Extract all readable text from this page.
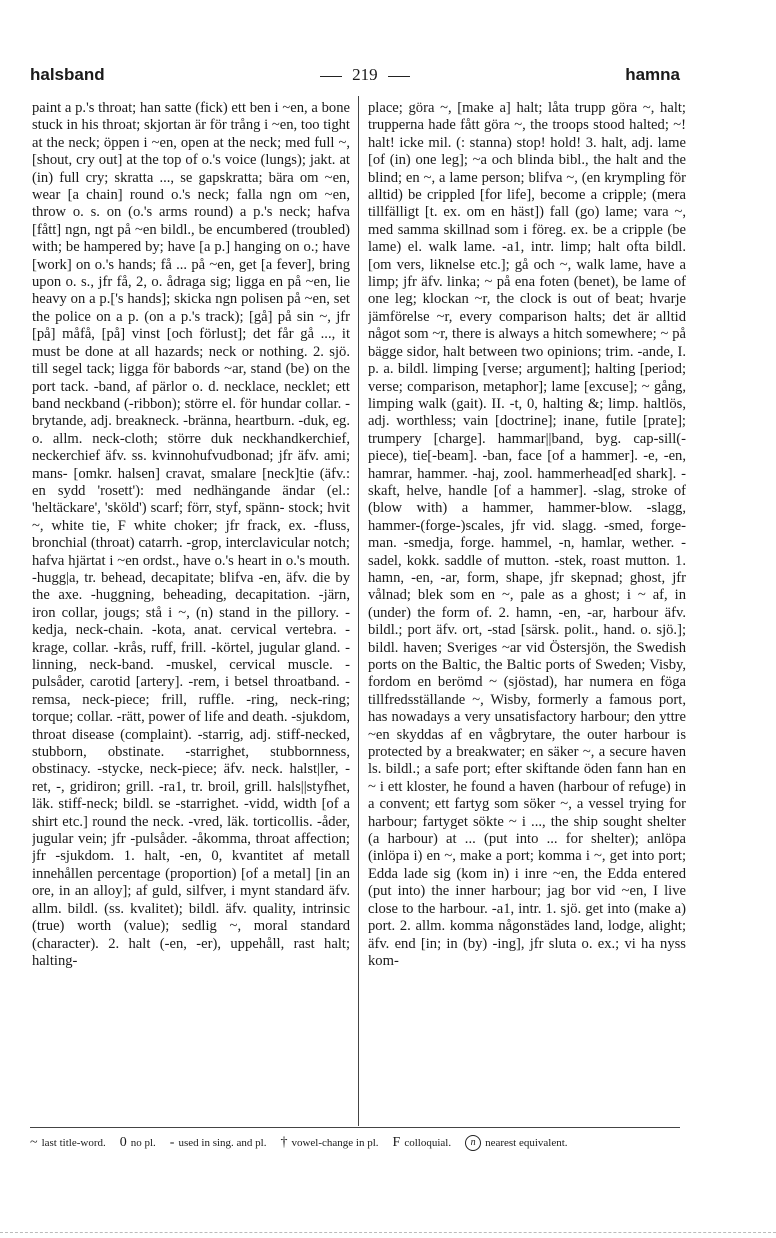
halsband	219	hamna

paint a p.'s throat; han satte (fick) ett ben i ~en, a bone stuck in his throat; skjortan är för trång i ~en, too tight at the neck; öppen i ~en, open at the neck; med full ~, [shout, cry out] at the top of o.'s voice (lungs); jakt. at (in) full cry; skratta ..., se gapskratta; bära om ~en, wear [a chain] round o.'s neck; falla ngn om ~en, throw o. s. on (o.'s arms round) a p.'s neck; hafva [fått] ngn, ngt på ~en bildl., be encumbered (troubled) with; be hampered by; have [a p.] hanging on o.; have [work] on o.'s hands; få ... på ~en, get [a fever], bring upon o. s., jfr få, 2, o. ådraga sig; ligga en på ~en, lie heavy on a p.['s hands]; skicka ngn polisen på ~en, set the police on a p. (on a p.'s track); [gå] på sin ~, jfr [på] måfå, [på] vinst [och förlust]; det får gå ..., it must be done at all hazards; neck or nothing. 2. sjö. till segel tack; ligga för babords ~ar, stand (be) on the port tack. -band, af pärlor o. d. necklace, necklet; ett band neckband (-ribbon); större el. för hundar collar. -brytande, adj. breakneck. -bränna, heartburn. -duk, eg. o. allm. neck-cloth; större duk neckhandkerchief, neckerchief äfv. ss. kvinnohufvudbonad; jfr äfv. ami; mans- [omkr. halsen] cravat, smalare [neck]tie (äfv.: en sydd 'rosett'): med nedhängande ändar (el.: 'heltäckare', 'sköld') scarf; förr, styf, spänn- stock; hvit ~, white tie, F white choker; jfr frack, ex. -fluss, bronchial (throat) catarrh. -grop, interclavicular notch; hafva hjärtat i ~en ordst., have o.'s heart in o.'s mouth. -hugg|a, tr. behead, decapitate; blifva -en, äfv. die by the axe. -huggning, beheading, decapitation. -järn, iron collar, jougs; stå i ~, (n) stand in the pillory. -kedja, neck-chain. -kota, anat. cervical vertebra. -krage, collar. -krås, ruff, frill. -körtel, jugular gland. -linning, neck-band. -muskel, cervical muscle. -pulsåder, carotid [artery]. -rem, i betsel throatband. -remsa, neck-piece; frill, ruffle. -ring, neck-ring; torque; collar. -rätt, power of life and death. -sjukdom, throat disease (complaint). -starrig, adj. stiff-necked, stubborn, obstinate. -starrighet, stubbornness, obstinacy. -stycke, neck-piece; äfv. neck. halst|ler, -ret, -, gridiron; grill. -ra1, tr. broil, grill. hals||styfhet, läk. stiff-neck; bildl. se -starrighet. -vidd, width [of a shirt etc.] round the neck. -vred, läk. torticollis. -åder, jugular vein; jfr -pulsåder. -åkomma, throat affection; jfr -sjukdom. 1. halt, -en, 0, kvantitet af metall innehållen percentage (proportion) [of a metal] [in an ore, in an alloy]; af guld, silfver, i mynt standard äfv. allm. bildl. (ss. kvalitet); bildl. äfv. quality, intrinsic (true) worth (value); sedlig ~, moral standard (character). 2. halt (-en, -er), uppehåll, rast halt; halting-

place; göra ~, [make a] halt; låta trupp göra ~, halt; trupperna hade fått göra ~, the troops stood halted; ~! halt! icke mil. (: stanna) stop! hold! 3. halt, adj. lame [of (in) one leg]; ~a och blinda bibl., the halt and the blind; en ~, a lame person; blifva ~, (en krympling för alltid) be crippled [for life], become a cripple; (mera tillfälligt [t. ex. om en häst]) fall (go) lame; vara ~, med samma skillnad som i föreg. ex. be a cripple (be lame) el. walk lame. -a1, intr. limp; halt ofta bildl. [om vers, liknelse etc.]; gå och ~, walk lame, have a limp; jfr äfv. linka; ~ på ena foten (benet), be lame of one leg; klockan ~r, the clock is out of beat; hvarje jämförelse ~r, every comparison halts; det är alltid något som ~r, there is always a hitch somewhere; ~ på bägge sidor, halt between two opinions; trim. -ande, I. p. a. bildl. limping [verse; argument]; halting [period; verse; comparison, metaphor]; lame [excuse]; ~ gång, limping walk (gait). II. -t, 0, halting &; limp. haltlös, adj. worthless; vain [doctrine]; inane, futile [prate]; trumpery [charge]. hammar||band, byg. cap-sill(-piece), tie[-beam]. -ban, face [of a hammer]. -e, -en, hamrar, hammer. -haj, zool. hammerhead[ed shark]. -skaft, helve, handle [of a hammer]. -slag, stroke of (blow with) a hammer, hammer-blow. -slagg, hammer-(forge-)scales, jfr vid. slagg. -smed, forge-man. -smedja, forge. hammel, -n, hamlar, wether. -sadel, kokk. saddle of mutton. -stek, roast mutton. 1. hamn, -en, -ar, form, shape, jfr skepnad; ghost, jfr vålnad; blek som en ~, pale as a ghost; i ~ af, in (under) the form of. 2. hamn, -en, -ar, harbour äfv. bildl.; port äfv. ort, -stad [särsk. polit., hand. o. sjö.]; bildl. haven; Sveriges ~ar vid Östersjön, the Swedish ports on the Baltic, the Baltic ports of Sweden; Visby, fordom en berömd ~ (sjöstad), har numera en föga tillfredsställande ~, Wisby, formerly a famous port, has nowadays a very unsatisfactory harbour; den yttre ~en skyddas af en vågbrytare, the outer harbour is protected by a breakwater; en säker ~, a secure haven ls. bildl.; a safe port; efter skiftande öden fann han en ~ i ett kloster, he found a haven (harbour of refuge) in a convent; ett fartyg som söker ~, a vessel trying for harbour; fartyget sökte ~ i ..., the ship sought shelter (a harbour) at ... (put into ... for shelter); anlöpa (inlöpa i) en ~, make a port; komma i ~, get into port; Edda lade sig (kom in) i inre ~en, the Edda entered (put into) the inner harbour; jag bor vid ~en, I live close to the harbour. -a1, intr. 1. sjö. get into (make a) port. 2. allm. komma någonstädes land, lodge, alight; äfv. end [in; in (by) -ing], jfr sluta o. ex.; vi ha nyss kom-

~ last title-word. 0 no pl. - used in sing. and pl. † vowel-change in pl. F colloquial.	n nearest equivalent.
